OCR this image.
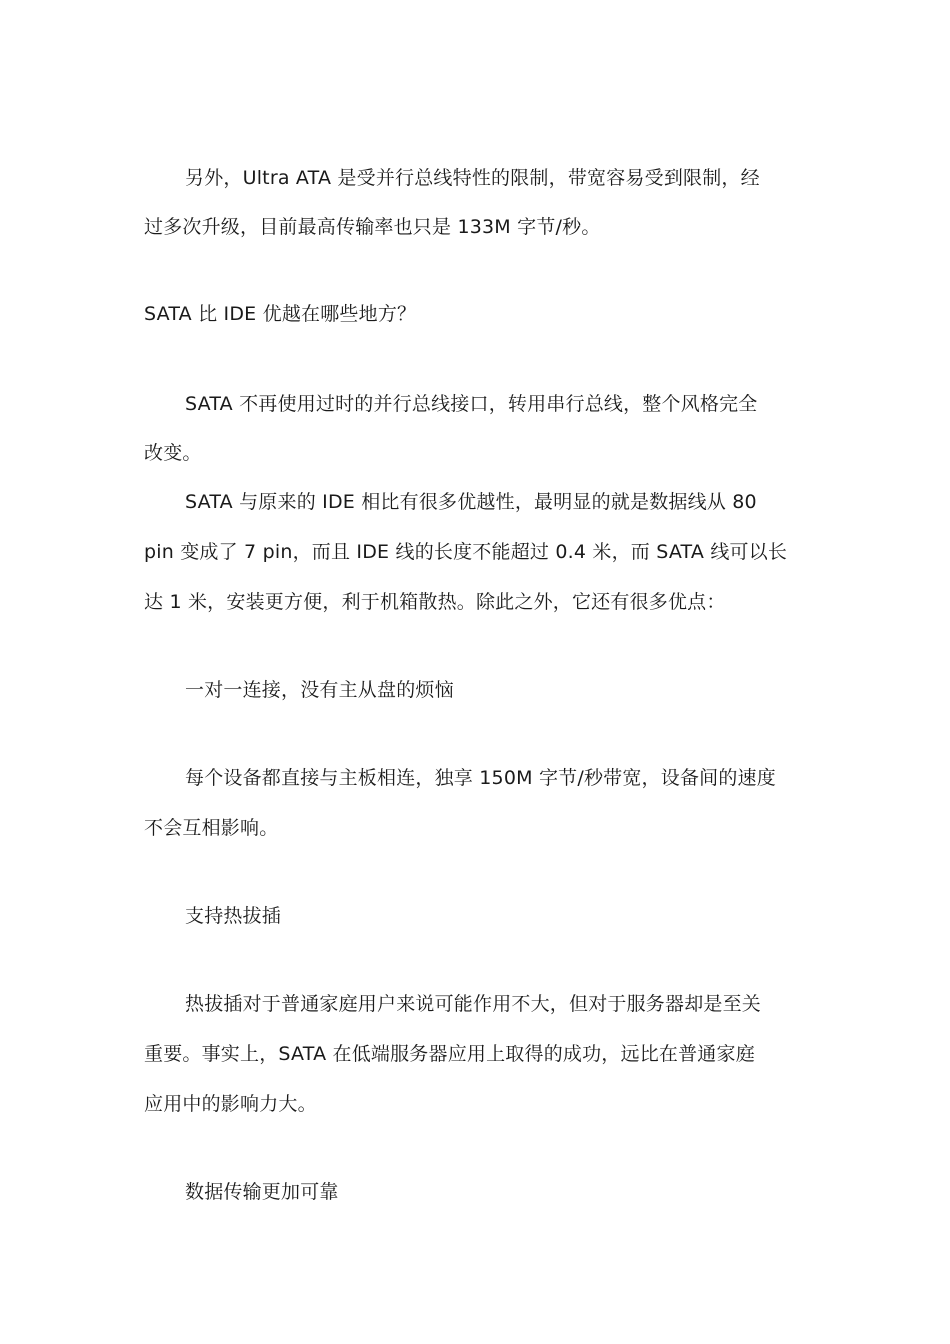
另外，Ultra ATA 是受并行总线特性的限制，带宽容易受到限制，经
过多次升级，目前最高传输率也只是 133M 字节/秒。
SATA 比 IDE 优越在哪些地方？
SATA 不再使用过时的并行总线接口，转用串行总线，整个风格完全
改变。
SATA 与原来的 IDE 相比有很多优越性，最明显的就是数据线从 80
pin 变成了 7 pin，而且 IDE 线的长度不能超过 0.4 米，而 SATA 线可以长
达 1 米，安装更方便，利于机箱散热。除此之外，它还有很多优点：
一对一连接，没有主从盘的烦恼
每个设备都直接与主板相连，独享 150M 字节/秒带宽，设备间的速度
不会互相影响。
支持热拔插
热拔插对于普通家庭用户来说可能作用不大，但对于服务器却是至关
重要。事实上，SATA 在低端服务器应用上取得的成功，远比在普通家庭
应用中的影响力大。
数据传输更加可靠
